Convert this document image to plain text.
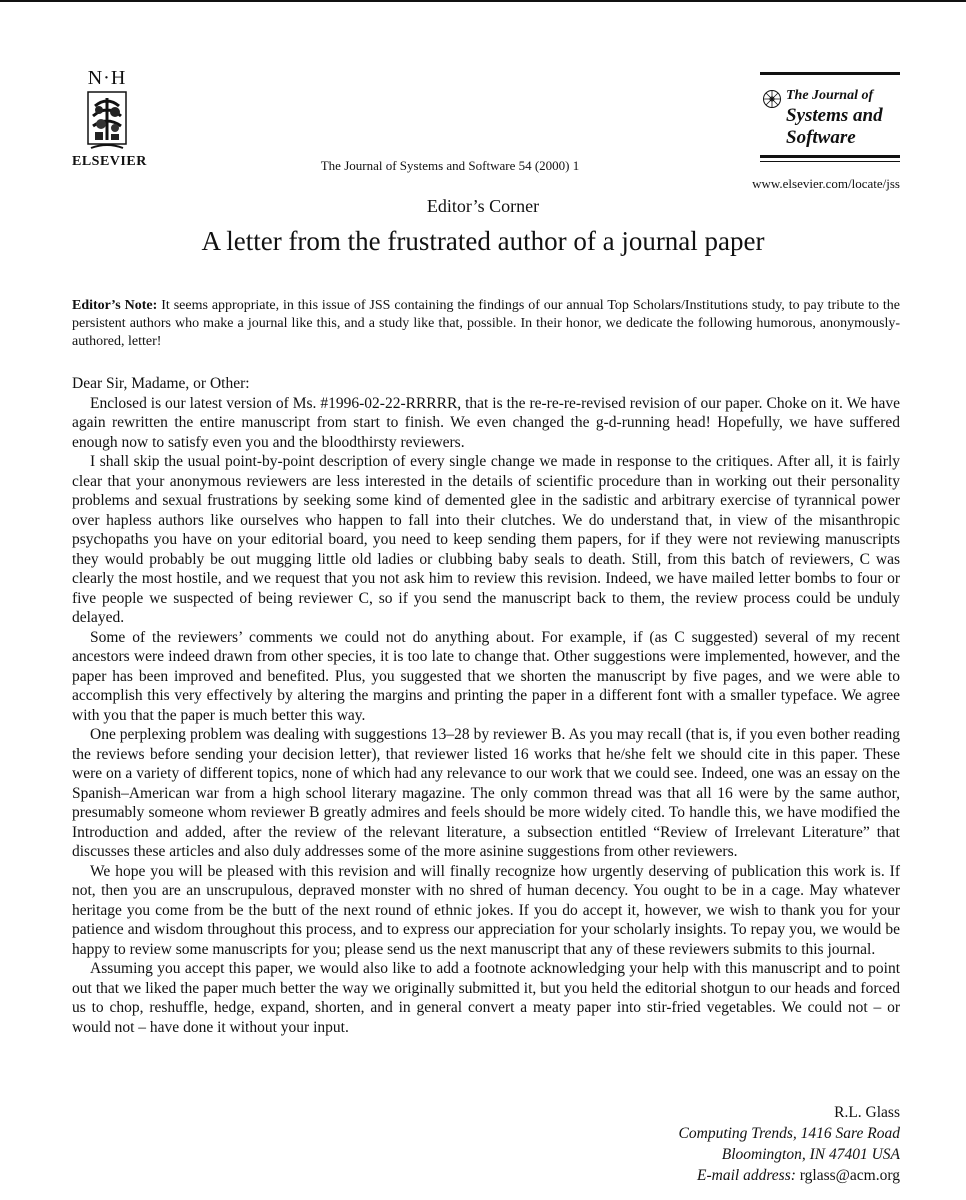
N·H
ELSEVIER	The Journal of Systems and Software 54 (2000) 1
The Journal of
Systems and
Software
www.elsevier.com/locate/jss
Editor’s Corner
A letter from the frustrated author of a journal paper
Editor’s Note: It seems appropriate, in this issue of JSS containing the findings of our annual Top Scholars/Institutions study, to pay tribute to the persistent authors who make a journal like this, and a study like that, possible. In their honor, we dedicate the following humorous, anonymously-authored, letter!

Dear Sir, Madame, or Other:

Enclosed is our latest version of Ms. #1996-02-22-RRRRR, that is the re-re-re-revised revision of our paper. Choke on it. We have again rewritten the entire manuscript from start to finish. We even changed the g-d-running head! Hopefully, we have suffered enough now to satisfy even you and the bloodthirsty reviewers.

I shall skip the usual point-by-point description of every single change we made in response to the critiques. After all, it is fairly clear that your anonymous reviewers are less interested in the details of scientific procedure than in working out their personality problems and sexual frustrations by seeking some kind of demented glee in the sadistic and arbitrary exercise of tyrannical power over hapless authors like ourselves who happen to fall into their clutches. We do understand that, in view of the misanthropic psychopaths you have on your editorial board, you need to keep sending them papers, for if they were not reviewing manuscripts they would probably be out mugging little old ladies or clubbing baby seals to death. Still, from this batch of reviewers, C was clearly the most hostile, and we request that you not ask him to review this revision. Indeed, we have mailed letter bombs to four or five people we suspected of being reviewer C, so if you send the manuscript back to them, the review process could be unduly delayed.

Some of the reviewers’ comments we could not do anything about. For example, if (as C suggested) several of my recent ancestors were indeed drawn from other species, it is too late to change that. Other suggestions were implemented, however, and the paper has been improved and benefited. Plus, you suggested that we shorten the manuscript by five pages, and we were able to accomplish this very effectively by altering the margins and printing the paper in a different font with a smaller typeface. We agree with you that the paper is much better this way.

One perplexing problem was dealing with suggestions 13–28 by reviewer B. As you may recall (that is, if you even bother reading the reviews before sending your decision letter), that reviewer listed 16 works that he/she felt we should cite in this paper. These were on a variety of different topics, none of which had any relevance to our work that we could see. Indeed, one was an essay on the Spanish–American war from a high school literary magazine. The only common thread was that all 16 were by the same author, presumably someone whom reviewer B greatly admires and feels should be more widely cited. To handle this, we have modified the Introduction and added, after the review of the relevant literature, a subsection entitled “Review of Irrelevant Literature” that discusses these articles and also duly addresses some of the more asinine suggestions from other reviewers.

We hope you will be pleased with this revision and will finally recognize how urgently deserving of publication this work is. If not, then you are an unscrupulous, depraved monster with no shred of human decency. You ought to be in a cage. May whatever heritage you come from be the butt of the next round of ethnic jokes. If you do accept it, however, we wish to thank you for your patience and wisdom throughout this process, and to express our appreciation for your scholarly insights. To repay you, we would be happy to review some manuscripts for you; please send us the next manuscript that any of these reviewers submits to this journal.

Assuming you accept this paper, we would also like to add a footnote acknowledging your help with this manuscript and to point out that we liked the paper much better the way we originally submitted it, but you held the editorial shotgun to our heads and forced us to chop, reshuffle, hedge, expand, shorten, and in general convert a meaty paper into stir-fried vegetables. We could not – or would not – have done it without your input.

R.L. Glass
Computing Trends, 1416 Sare Road
Bloomington, IN 47401 USA
E-mail address: rglass@acm.org
